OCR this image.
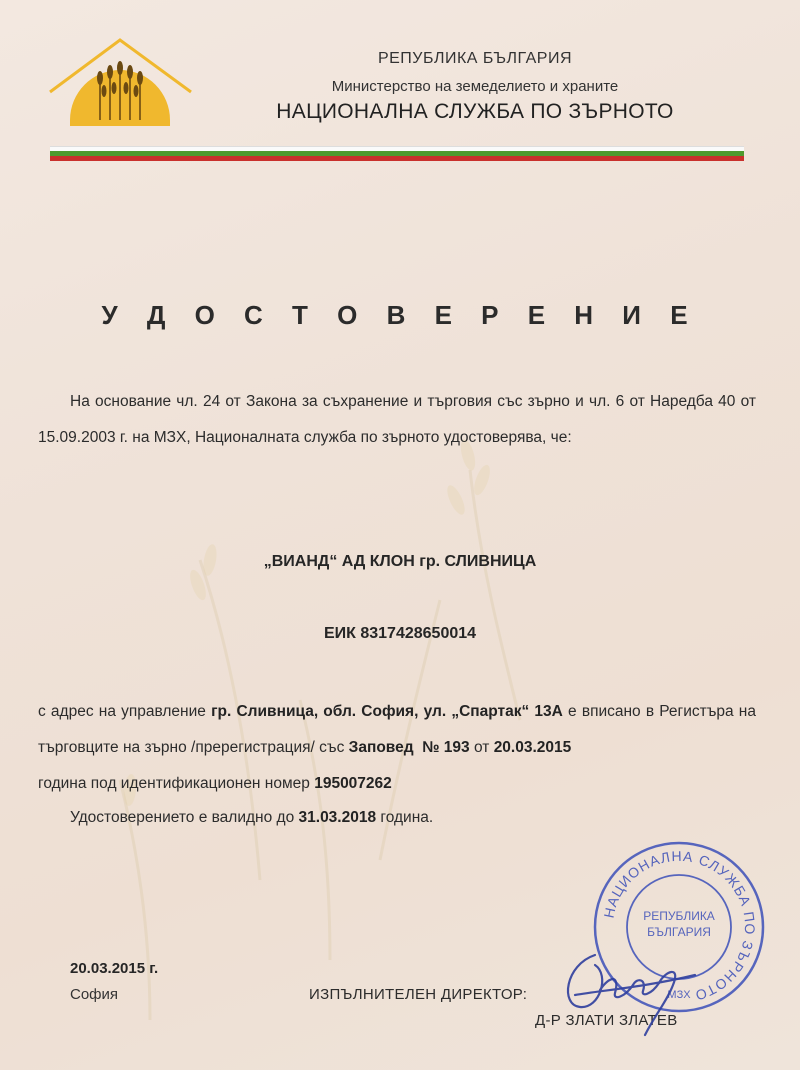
РЕПУБЛИКА БЪЛГАРИЯ
Министерство на земеделието и храните
НАЦИОНАЛНА СЛУЖБА ПО ЗЪРНОТО
У Д О С Т О В Е Р Е Н И Е
На основание чл. 24 от Закона за съхранение и търговия със зърно и чл. 6 от Наредба 40 от 15.09.2003 г. на МЗХ, Националната служба по зърното удостоверява, че:
„ВИАНД“ АД КЛОН гр. СЛИВНИЦА
ЕИК 8317428650014
с адрес на управление гр. Сливница, обл. София, ул. „Спартак“ 13А е вписано в Регистъра на търговците на зърно /пререгистрация/ със Заповед № 193 от 20.03.2015
година под идентификационен номер 195007262
Удостоверението е валидно до 31.03.2018 година.
20.03.2015 г.
София	ИЗПЪЛНИТЕЛЕН ДИРЕКТОР:
НАЦИОНАЛНА СЛУЖБА ПО ЗЪРНОТО
РЕПУБЛИКА
БЪЛГАРИЯ
МЗХ
Д-Р ЗЛАТИ ЗЛАТЕВ
